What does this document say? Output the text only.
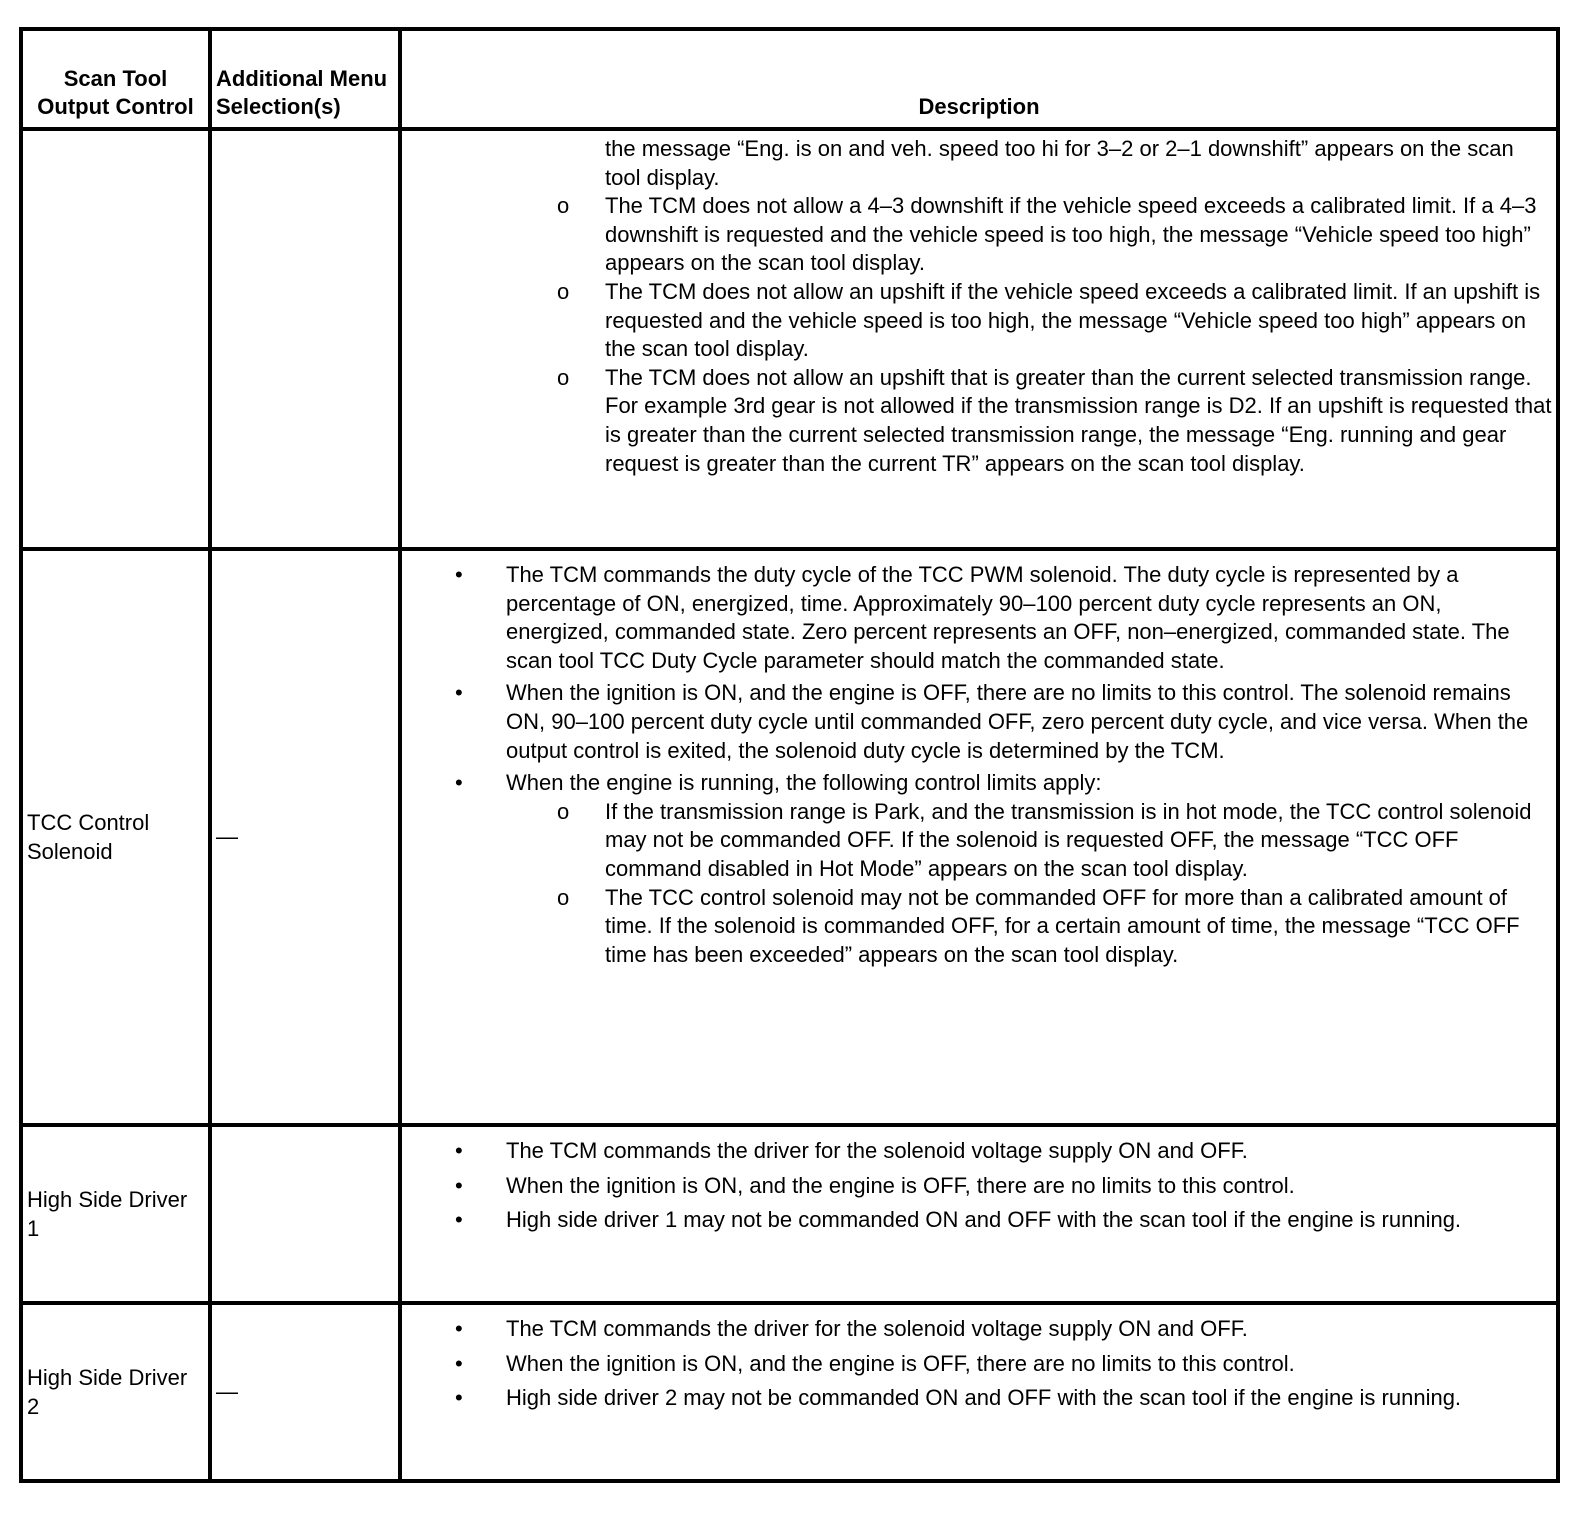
Scan Tool Output Control	Additional Menu Selection(s)	Description

		the message “Eng. is on and veh. speed too hi for 3–2 or 2–1 downshift” appears on the scan tool display.
o The TCM does not allow a 4–3 downshift if the vehicle speed exceeds a calibrated limit. If a 4–3 downshift is requested and the vehicle speed is too high, the message “Vehicle speed too high” appears on the scan tool display.
o The TCM does not allow an upshift if the vehicle speed exceeds a calibrated limit. If an upshift is requested and the vehicle speed is too high, the message “Vehicle speed too high” appears on the scan tool display.
o The TCM does not allow an upshift that is greater than the current selected transmission range. For example 3rd gear is not allowed if the transmission range is D2. If an upshift is requested that is greater than the current selected transmission range, the message “Eng. running and gear request is greater than the current TR” appears on the scan tool display.

TCC Control Solenoid	—	• The TCM commands the duty cycle of the TCC PWM solenoid. The duty cycle is represented by a percentage of ON, energized, time. Approximately 90–100 percent duty cycle represents an ON, energized, commanded state. Zero percent represents an OFF, non–energized, commanded state. The scan tool TCC Duty Cycle parameter should match the commanded state.
• When the ignition is ON, and the engine is OFF, there are no limits to this control. The solenoid remains ON, 90–100 percent duty cycle until commanded OFF, zero percent duty cycle, and vice versa. When the output control is exited, the solenoid duty cycle is determined by the TCM.
• When the engine is running, the following control limits apply:
o If the transmission range is Park, and the transmission is in hot mode, the TCC control solenoid may not be commanded OFF. If the solenoid is requested OFF, the message “TCC OFF command disabled in Hot Mode” appears on the scan tool display.
o The TCC control solenoid may not be commanded OFF for more than a calibrated amount of time. If the solenoid is commanded OFF, for a certain amount of time, the message “TCC OFF time has been exceeded” appears on the scan tool display.

High Side Driver 1		• The TCM commands the driver for the solenoid voltage supply ON and OFF.
• When the ignition is ON, and the engine is OFF, there are no limits to this control.
• High side driver 1 may not be commanded ON and OFF with the scan tool if the engine is running.

High Side Driver 2	—	• The TCM commands the driver for the solenoid voltage supply ON and OFF.
• When the ignition is ON, and the engine is OFF, there are no limits to this control.
• High side driver 2 may not be commanded ON and OFF with the scan tool if the engine is running.
